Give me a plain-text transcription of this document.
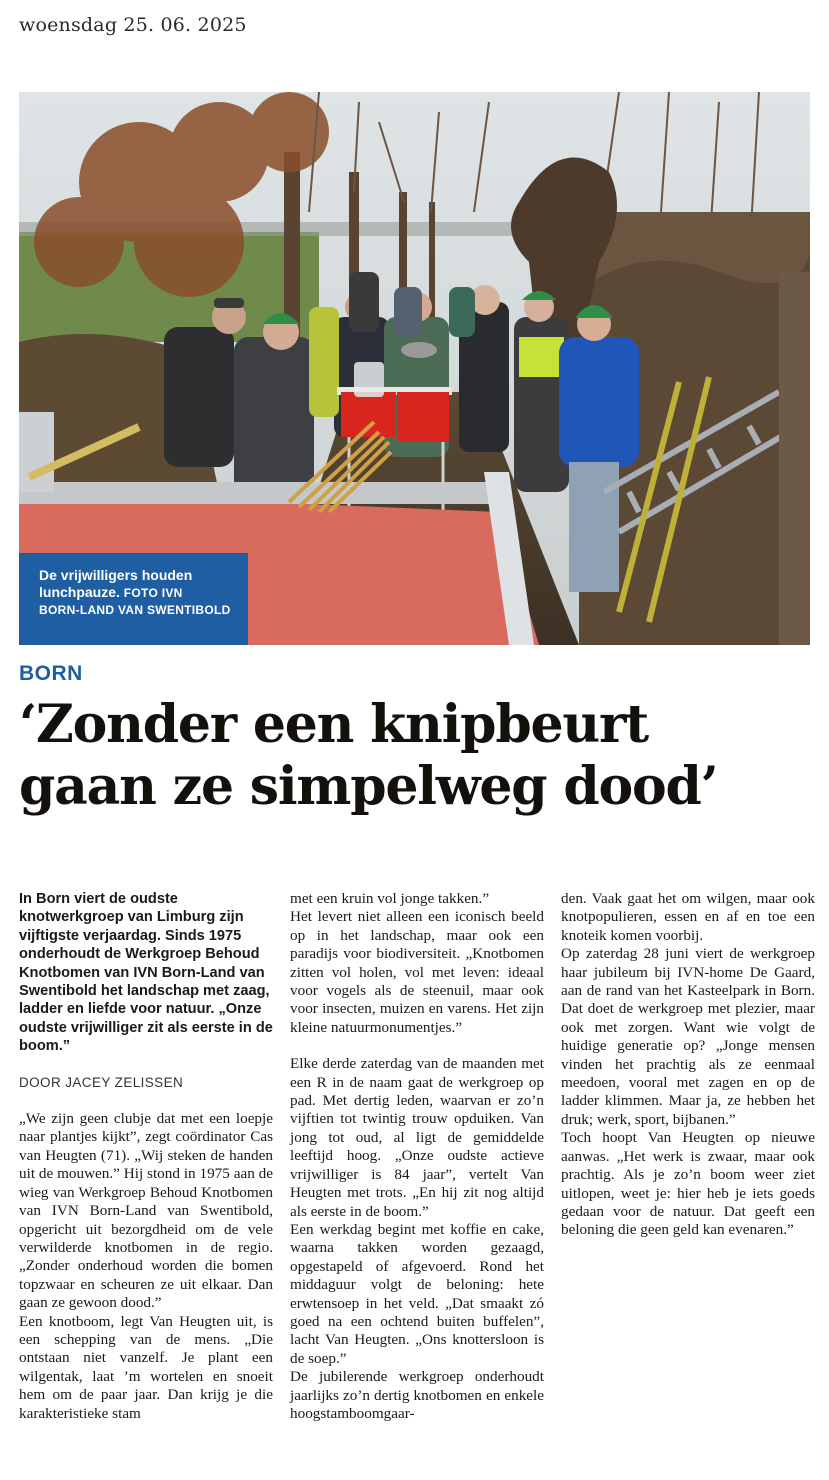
woensdag 25. 06. 2025
De vrijwilligers houden
lunchpauze. FOTO IVN
BORN-LAND VAN SWENTIBOLD
BORN
‘Zonder een knipbeurt
gaan ze simpelweg dood’

In Born viert de oudste knotwerkgroep van Limburg zijn vijftigste verjaardag. Sinds 1975 onderhoudt de Werkgroep Behoud Knotbomen van IVN Born-Land van Swentibold het landschap met zaag, ladder en liefde voor natuur. „Onze oudste vrijwilliger zit als eerste in de boom.”

DOOR JACEY ZELISSEN

„We zijn geen clubje dat met een loepje naar plantjes kijkt”, zegt coördinator Cas van Heugten (71). „Wij steken de handen uit de mouwen.” Hij stond in 1975 aan de wieg van Werkgroep Behoud Knotbomen van IVN Born-Land van Swentibold, opgericht uit bezorgdheid om de vele verwilderde knotbomen in de regio. „Zonder onderhoud worden die bomen topzwaar en scheuren ze uit elkaar. Dan gaan ze gewoon dood.”

Een knotboom, legt Van Heugten uit, is een schepping van de mens. „Die ontstaan niet vanzelf. Je plant een wilgentak, laat ’m wortelen en snoeit hem om de paar jaar. Dan krijg je die karakteristieke stam

met een kruin vol jonge takken.”

Het levert niet alleen een iconisch beeld op in het landschap, maar ook een paradijs voor biodiversiteit. „Knotbomen zitten vol holen, vol met leven: ideaal voor vogels als de steenuil, maar ook voor insecten, muizen en varens. Het zijn kleine natuurmonumentjes.”

Elke derde zaterdag van de maanden met een R in de naam gaat de werkgroep op pad. Met dertig leden, waarvan er zo’n vijftien tot twintig trouw opduiken. Van jong tot oud, al ligt de gemiddelde leeftijd hoog. „Onze oudste actieve vrijwilliger is 84 jaar”, vertelt Van Heugten met trots. „En hij zit nog altijd als eerste in de boom.”

Een werkdag begint met koffie en cake, waarna takken worden gezaagd, opgestapeld of afgevoerd. Rond het middaguur volgt de beloning: hete erwtensoep in het veld. „Dat smaakt zó goed na een ochtend buiten buffelen”, lacht Van Heugten. „Ons knottersloon is de soep.”

De jubilerende werkgroep onderhoudt jaarlijks zo’n dertig knotbomen en enkele hoogstamboomgaar-

den. Vaak gaat het om wilgen, maar ook knotpopulieren, essen en af en toe een knoteik komen voorbij.

Op zaterdag 28 juni viert de werkgroep haar jubileum bij IVN-home De Gaard, aan de rand van het Kasteelpark in Born. Dat doet de werkgroep met plezier, maar ook met zorgen. Want wie volgt de huidige generatie op? „Jonge mensen vinden het prachtig als ze eenmaal meedoen, vooral met zagen en op de ladder klimmen. Maar ja, ze hebben het druk; werk, sport, bijbanen.”

Toch hoopt Van Heugten op nieuwe aanwas. „Het werk is zwaar, maar ook prachtig. Als je zo’n boom weer ziet uitlopen, weet je: hier heb je iets goeds gedaan voor de natuur. Dat geeft een beloning die geen geld kan evenaren.”
